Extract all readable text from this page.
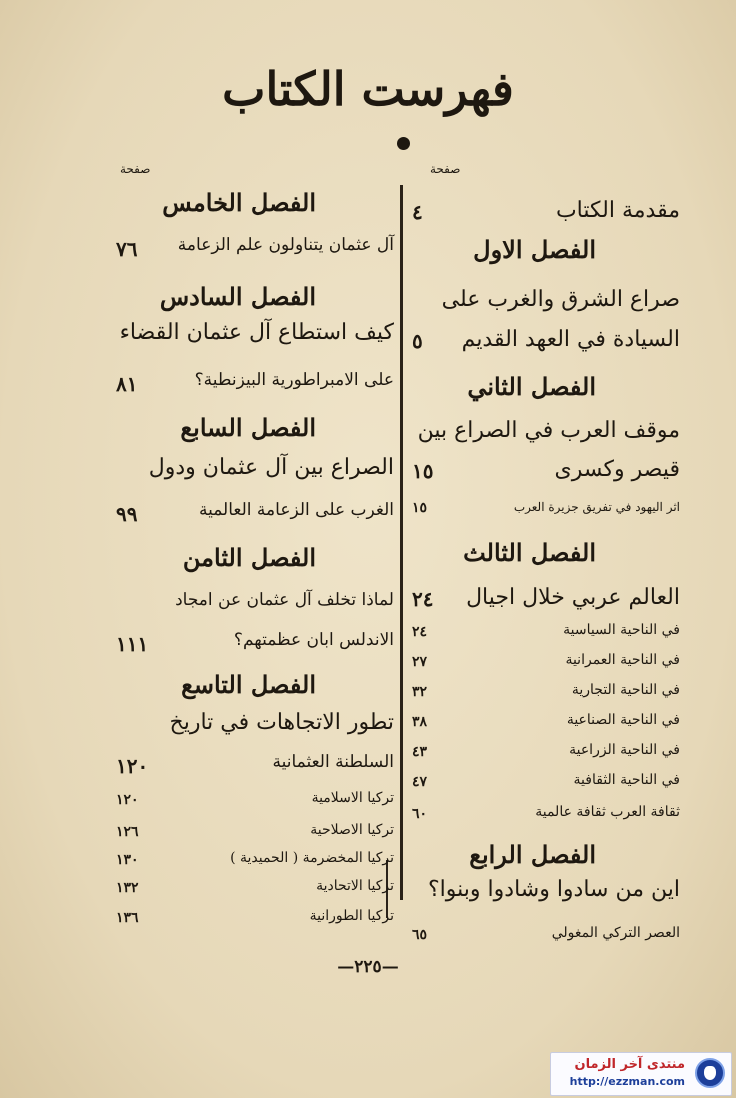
فهرست الكتاب
صفحة
صفحة
مقدمة الكتاب
٤
الفصل الاول
صراع الشرق والغرب على
السيادة في العهد القديم
٥
الفصل الثاني
موقف العرب في الصراع بين
قيصر وكسرى
١٥
اثر اليهود في تفريق جزيرة العرب
١٥
الفصل الثالث
العالم عربي خلال اجيال
٢٤
في الناحية السياسية
٢٤
في الناحية العمرانية
٢٧
في الناحية التجارية
٣٢
في الناحية الصناعية
٣٨
في الناحية الزراعية
٤٣
في الناحية الثقافية
٤٧
ثقافة العرب ثقافة عالمية
٦٠
الفصل الرابع
اين من سادوا وشادوا وبنوا؟
العصر التركي المغولي
٦٥
الفصل الخامس
آل عثمان يتناولون علم الزعامة
٧٦
الفصل السادس
كيف استطاع آل عثمان القضاء
على الامبراطورية البيزنطية؟
٨١
الفصل السابع
الصراع بين آل عثمان ودول
الغرب على الزعامة العالمية
٩٩
الفصل الثامن
لماذا تخلف آل عثمان عن امجاد
الاندلس ابان عظمتهم؟
١١١
الفصل التاسع
تطور الاتجاهات في تاريخ
السلطنة العثمانية
١٢٠
تركيا الاسلامية
١٢٠
تركيا الاصلاحية
١٢٦
تركيا المخضرمة ( الحميدية )
١٣٠
تركيا الاتحادية
١٣٢
تركيا الطورانية
١٣٦
—٢٢٥—
منتدى آخر الزمان
http://ezzman.com
